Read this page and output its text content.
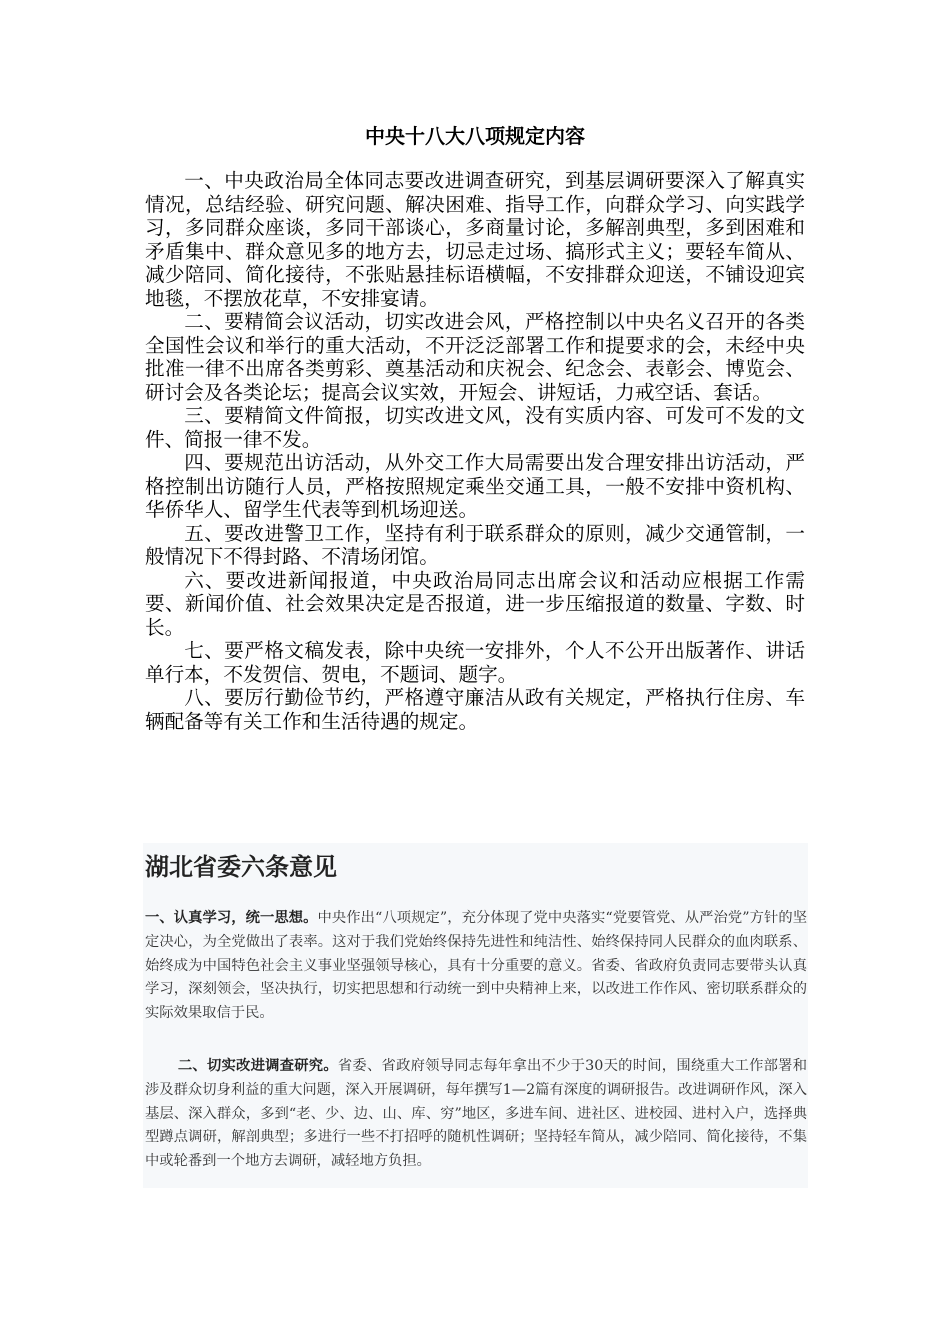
中央十八大八项规定内容

一、中央政治局全体同志要改进调查研究，到基层调研要深入了解真实情况，总结经验、研究问题、解决困难、指导工作，向群众学习、向实践学习，多同群众座谈，多同干部谈心，多商量讨论，多解剖典型，多到困难和矛盾集中、群众意见多的地方去，切忌走过场、搞形式主义；要轻车简从、减少陪同、简化接待，不张贴悬挂标语横幅，不安排群众迎送，不铺设迎宾地毯，不摆放花草，不安排宴请。

二、要精简会议活动，切实改进会风，严格控制以中央名义召开的各类全国性会议和举行的重大活动，不开泛泛部署工作和提要求的会，未经中央批准一律不出席各类剪彩、奠基活动和庆祝会、纪念会、表彰会、博览会、研讨会及各类论坛；提高会议实效，开短会、讲短话，力戒空话、套话。

三、要精简文件简报，切实改进文风，没有实质内容、可发可不发的文件、简报一律不发。

四、要规范出访活动，从外交工作大局需要出发合理安排出访活动，严格控制出访随行人员，严格按照规定乘坐交通工具，一般不安排中资机构、华侨华人、留学生代表等到机场迎送。

五、要改进警卫工作，坚持有利于联系群众的原则，减少交通管制，一般情况下不得封路、不清场闭馆。

六、要改进新闻报道，中央政治局同志出席会议和活动应根据工作需要、新闻价值、社会效果决定是否报道，进一步压缩报道的数量、字数、时长。

七、要严格文稿发表，除中央统一安排外，个人不公开出版著作、讲话单行本，不发贺信、贺电，不题词、题字。

八、要厉行勤俭节约，严格遵守廉洁从政有关规定，严格执行住房、车辆配备等有关工作和生活待遇的规定。

湖北省委六条意见

一、认真学习，统一思想。中央作出“八项规定”，充分体现了党中央落实“党要管党、从严治党”方针的坚定决心，为全党做出了表率。这对于我们党始终保持先进性和纯洁性、始终保持同人民群众的血肉联系、始终成为中国特色社会主义事业坚强领导核心，具有十分重要的意义。省委、省政府负责同志要带头认真学习，深刻领会，坚决执行，切实把思想和行动统一到中央精神上来，以改进工作作风、密切联系群众的实际效果取信于民。

二、切实改进调查研究。省委、省政府领导同志每年拿出不少于30天的时间，围绕重大工作部署和涉及群众切身利益的重大问题，深入开展调研，每年撰写1—2篇有深度的调研报告。改进调研作风，深入基层、深入群众，多到“老、少、边、山、库、穷”地区，多进车间、进社区、进校园、进村入户，选择典型蹲点调研，解剖典型；多进行一些不打招呼的随机性调研；坚持轻车简从，减少陪同、简化接待，不集中或轮番到一个地方去调研，减轻地方负担。
